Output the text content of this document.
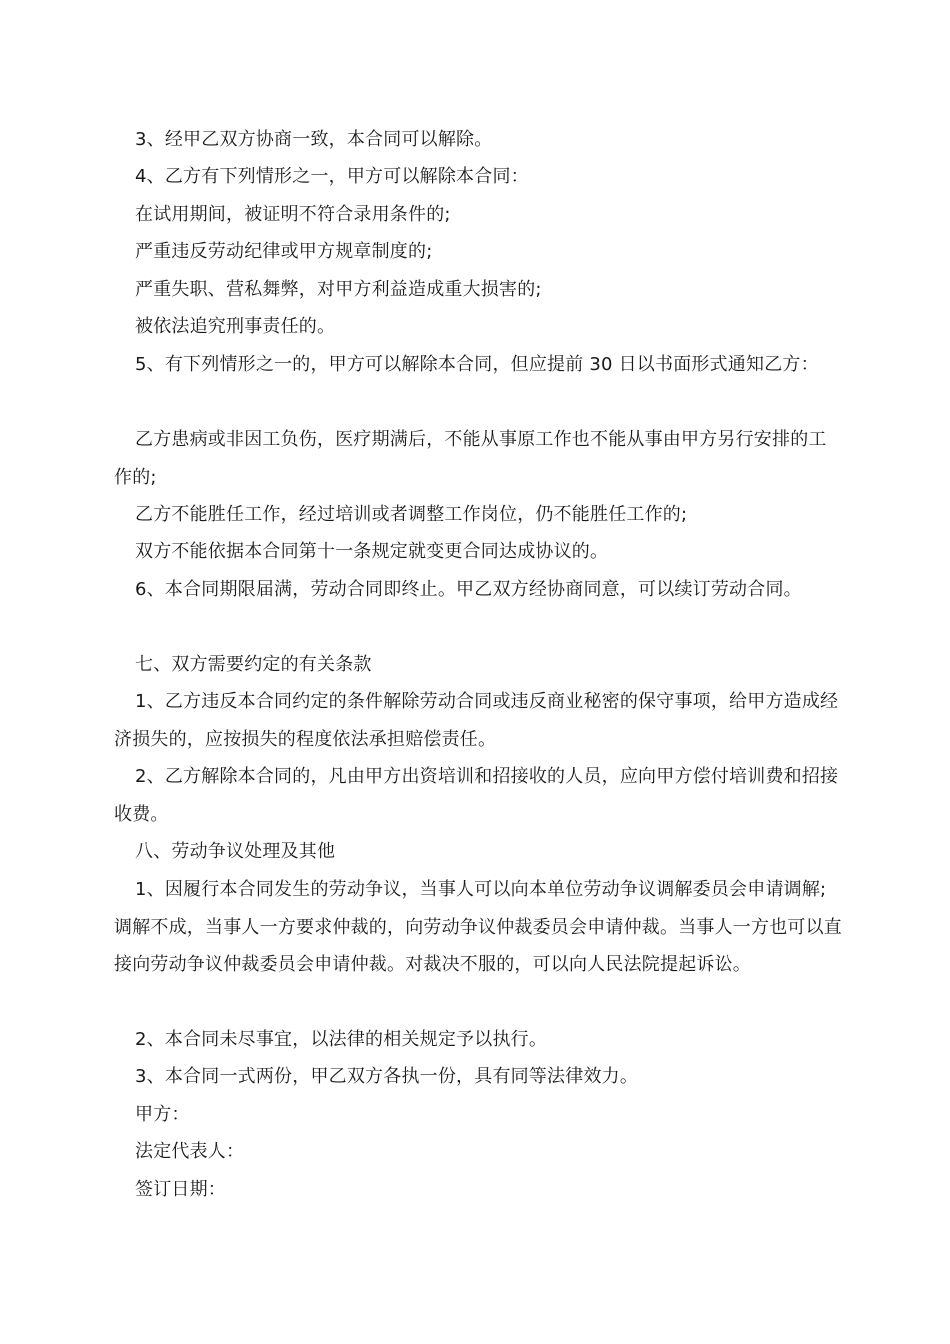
3、经甲乙双方协商一致，本合同可以解除。

4、乙方有下列情形之一，甲方可以解除本合同：

在试用期间，被证明不符合录用条件的;

严重违反劳动纪律或甲方规章制度的;

严重失职、营私舞弊，对甲方利益造成重大损害的;

被依法追究刑事责任的。

5、有下列情形之一的，甲方可以解除本合同，但应提前 30 日以书面形式通知乙方：

乙方患病或非因工负伤，医疗期满后，不能从事原工作也不能从事由甲方另行安排的工作的;

乙方不能胜任工作，经过培训或者调整工作岗位，仍不能胜任工作的;

双方不能依据本合同第十一条规定就变更合同达成协议的。

6、本合同期限届满，劳动合同即终止。甲乙双方经协商同意，可以续订劳动合同。

七、双方需要约定的有关条款

1、乙方违反本合同约定的条件解除劳动合同或违反商业秘密的保守事项，给甲方造成经济损失的，应按损失的程度依法承担赔偿责任。

2、乙方解除本合同的，凡由甲方出资培训和招接收的人员，应向甲方偿付培训费和招接收费。

八、劳动争议处理及其他

1、因履行本合同发生的劳动争议，当事人可以向本单位劳动争议调解委员会申请调解;调解不成，当事人一方要求仲裁的，向劳动争议仲裁委员会申请仲裁。当事人一方也可以直接向劳动争议仲裁委员会申请仲裁。对裁决不服的，可以向人民法院提起诉讼。

2、本合同未尽事宜，以法律的相关规定予以执行。

3、本合同一式两份，甲乙双方各执一份，具有同等法律效力。

甲方：

法定代表人：

签订日期：
